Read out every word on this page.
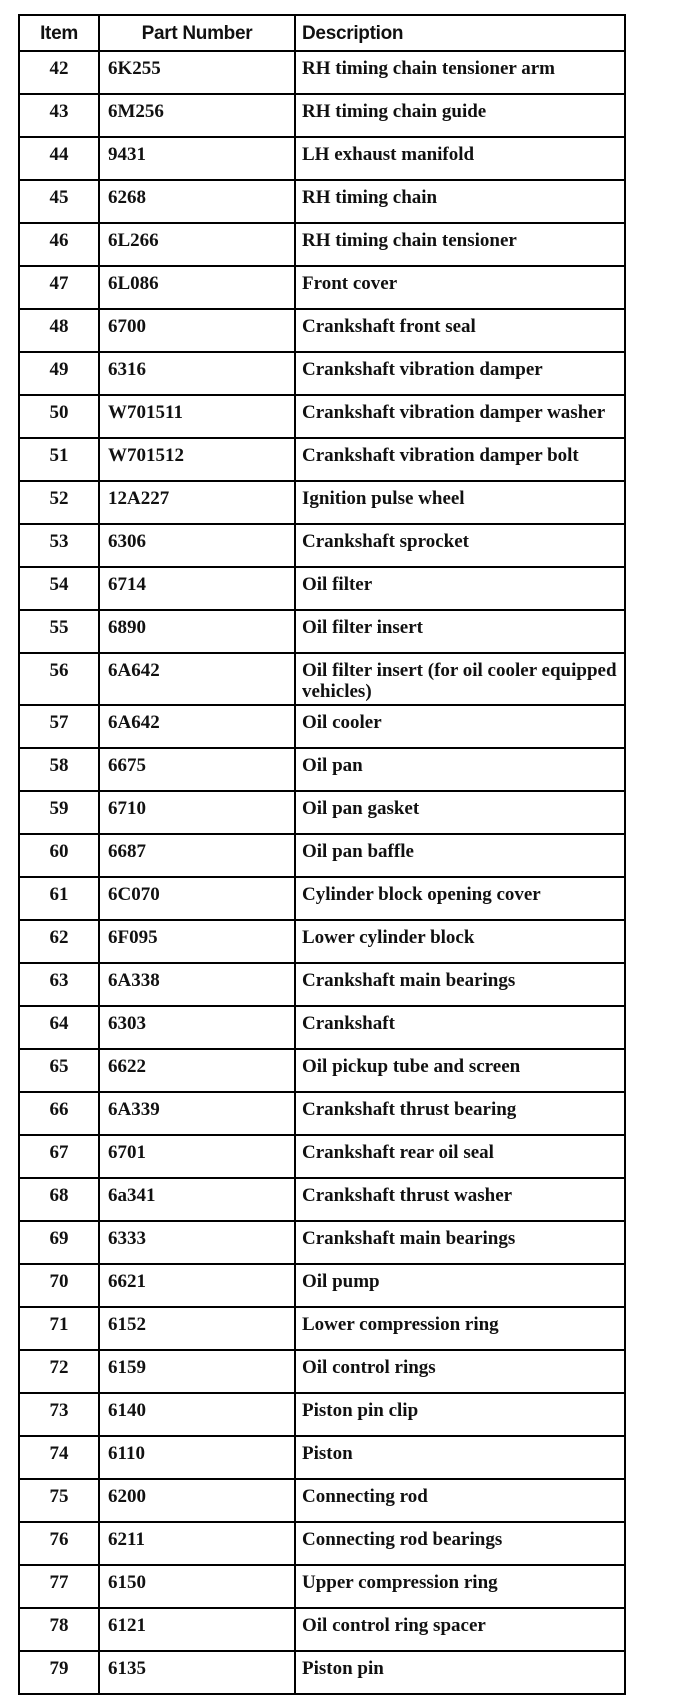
Item	Part Number	Description
42	6K255	RH timing chain tensioner arm
43	6M256	RH timing chain guide
44	9431	LH exhaust manifold
45	6268	RH timing chain
46	6L266	RH timing chain tensioner
47	6L086	Front cover
48	6700	Crankshaft front seal
49	6316	Crankshaft vibration damper
50	W701511	Crankshaft vibration damper washer
51	W701512	Crankshaft vibration damper bolt
52	12A227	Ignition pulse wheel
53	6306	Crankshaft sprocket
54	6714	Oil filter
55	6890	Oil filter insert
56	6A642	Oil filter insert (for oil cooler equipped vehicles)
57	6A642	Oil cooler
58	6675	Oil pan
59	6710	Oil pan gasket
60	6687	Oil pan baffle
61	6C070	Cylinder block opening cover
62	6F095	Lower cylinder block
63	6A338	Crankshaft main bearings
64	6303	Crankshaft
65	6622	Oil pickup tube and screen
66	6A339	Crankshaft thrust bearing
67	6701	Crankshaft rear oil seal
68	6a341	Crankshaft thrust washer
69	6333	Crankshaft main bearings
70	6621	Oil pump
71	6152	Lower compression ring
72	6159	Oil control rings
73	6140	Piston pin clip
74	6110	Piston
75	6200	Connecting rod
76	6211	Connecting rod bearings
77	6150	Upper compression ring
78	6121	Oil control ring spacer
79	6135	Piston pin
